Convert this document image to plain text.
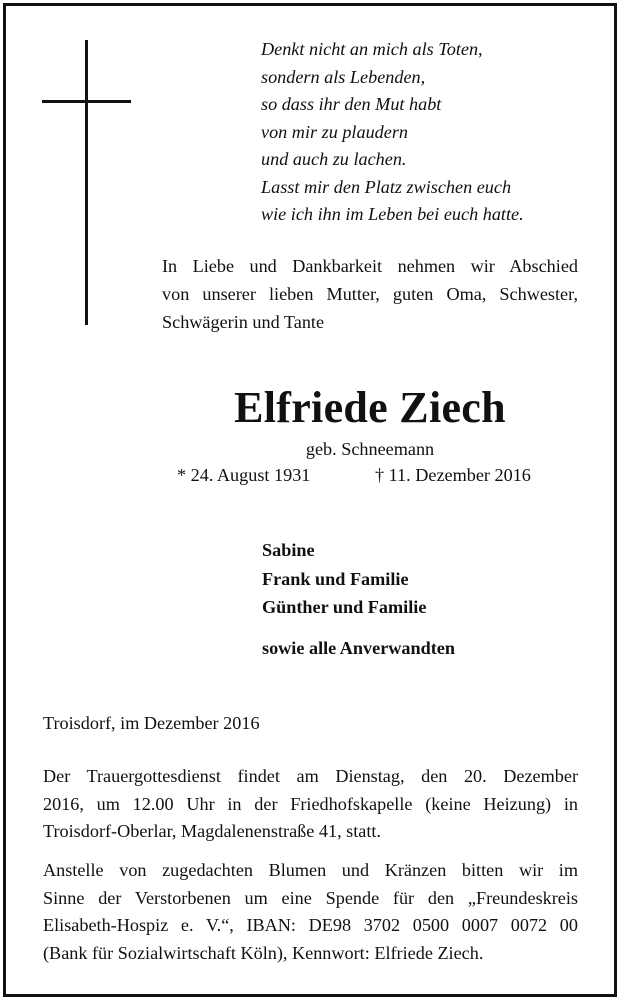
Denkt nicht an mich als Toten,
sondern als Lebenden,
so dass ihr den Mut habt
von mir zu plaudern
und auch zu lachen.
Lasst mir den Platz zwischen euch
wie ich ihn im Leben bei euch hatte.
In Liebe und Dankbarkeit nehmen wir Abschied
von unserer lieben Mutter, guten Oma, Schwester,
Schwägerin und Tante
Elfriede Ziech
geb. Schneemann
* 24. August 1931	† 11. Dezember 2016
Sabine
Frank und Familie
Günther und Familie
sowie alle Anverwandten
Troisdorf, im Dezember 2016
Der Trauergottesdienst findet am Dienstag, den 20. Dezember
2016, um 12.00 Uhr in der Friedhofskapelle (keine Heizung) in
Troisdorf-Oberlar, Magdalenenstraße 41, statt.
Anstelle von zugedachten Blumen und Kränzen bitten wir im
Sinne der Verstorbenen um eine Spende für den „Freundeskreis
Elisabeth-Hospiz e. V.“, IBAN: DE98 3702 0500 0007 0072 00
(Bank für Sozialwirtschaft Köln), Kennwort: Elfriede Ziech.
